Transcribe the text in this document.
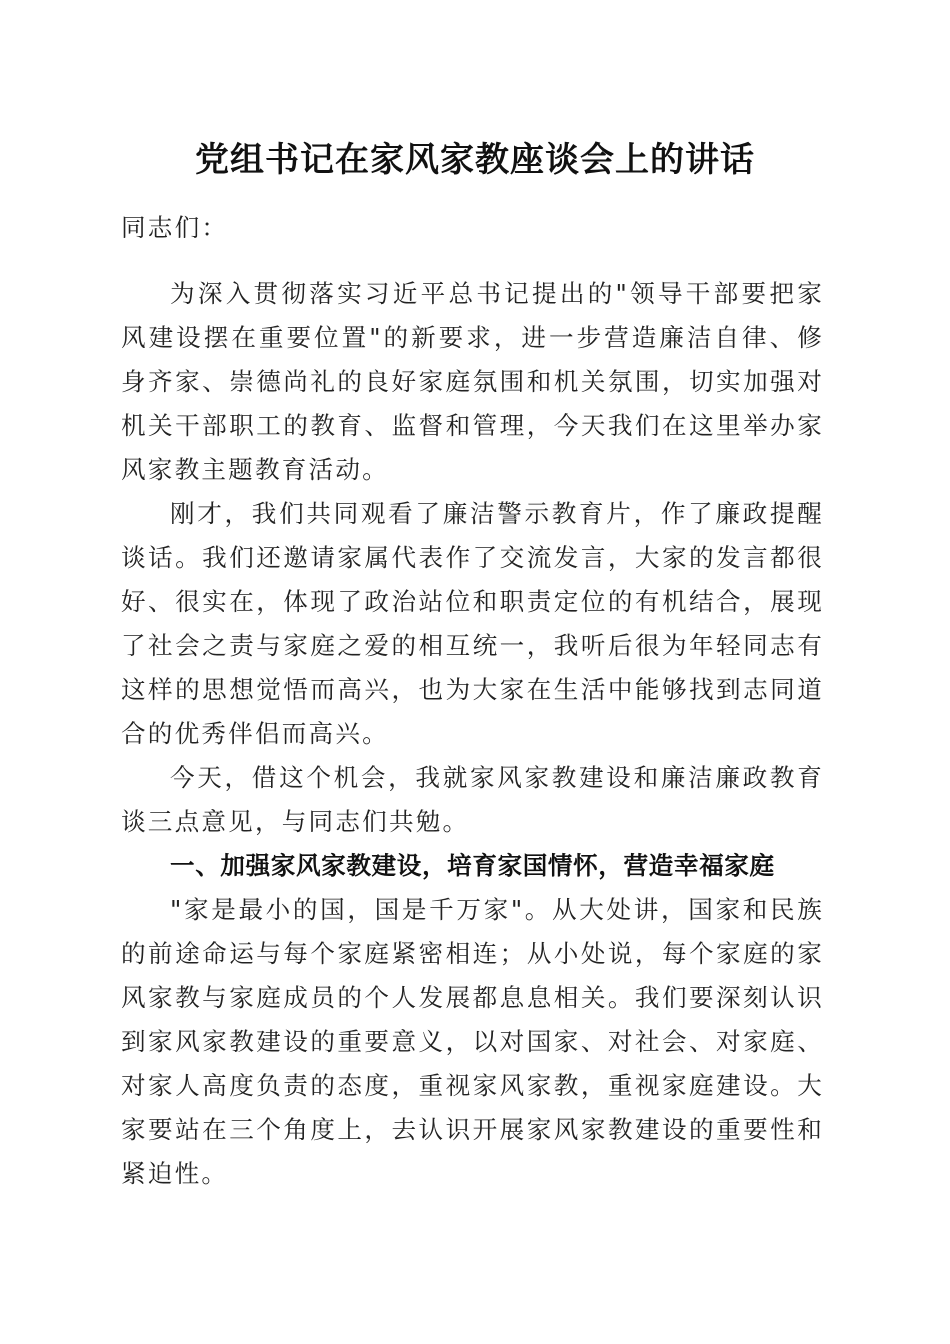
党组书记在家风家教座谈会上的讲话
同志们：
为深入贯彻落实习近平总书记提出的"领导干部要把家风建设摆在重要位置"的新要求，进一步营造廉洁自律、修身齐家、崇德尚礼的良好家庭氛围和机关氛围，切实加强对机关干部职工的教育、监督和管理，今天我们在这里举办家风家教主题教育活动。
刚才，我们共同观看了廉洁警示教育片，作了廉政提醒谈话。我们还邀请家属代表作了交流发言，大家的发言都很好、很实在，体现了政治站位和职责定位的有机结合，展现了社会之责与家庭之爱的相互统一，我听后很为年轻同志有这样的思想觉悟而高兴，也为大家在生活中能够找到志同道合的优秀伴侣而高兴。
今天，借这个机会，我就家风家教建设和廉洁廉政教育谈三点意见，与同志们共勉。
一、加强家风家教建设，培育家国情怀，营造幸福家庭
"家是最小的国，国是千万家"。从大处讲，国家和民族的前途命运与每个家庭紧密相连；从小处说，每个家庭的家风家教与家庭成员的个人发展都息息相关。我们要深刻认识到家风家教建设的重要意义，以对国家、对社会、对家庭、对家人高度负责的态度，重视家风家教，重视家庭建设。大家要站在三个角度上，去认识开展家风家教建设的重要性和紧迫性。
